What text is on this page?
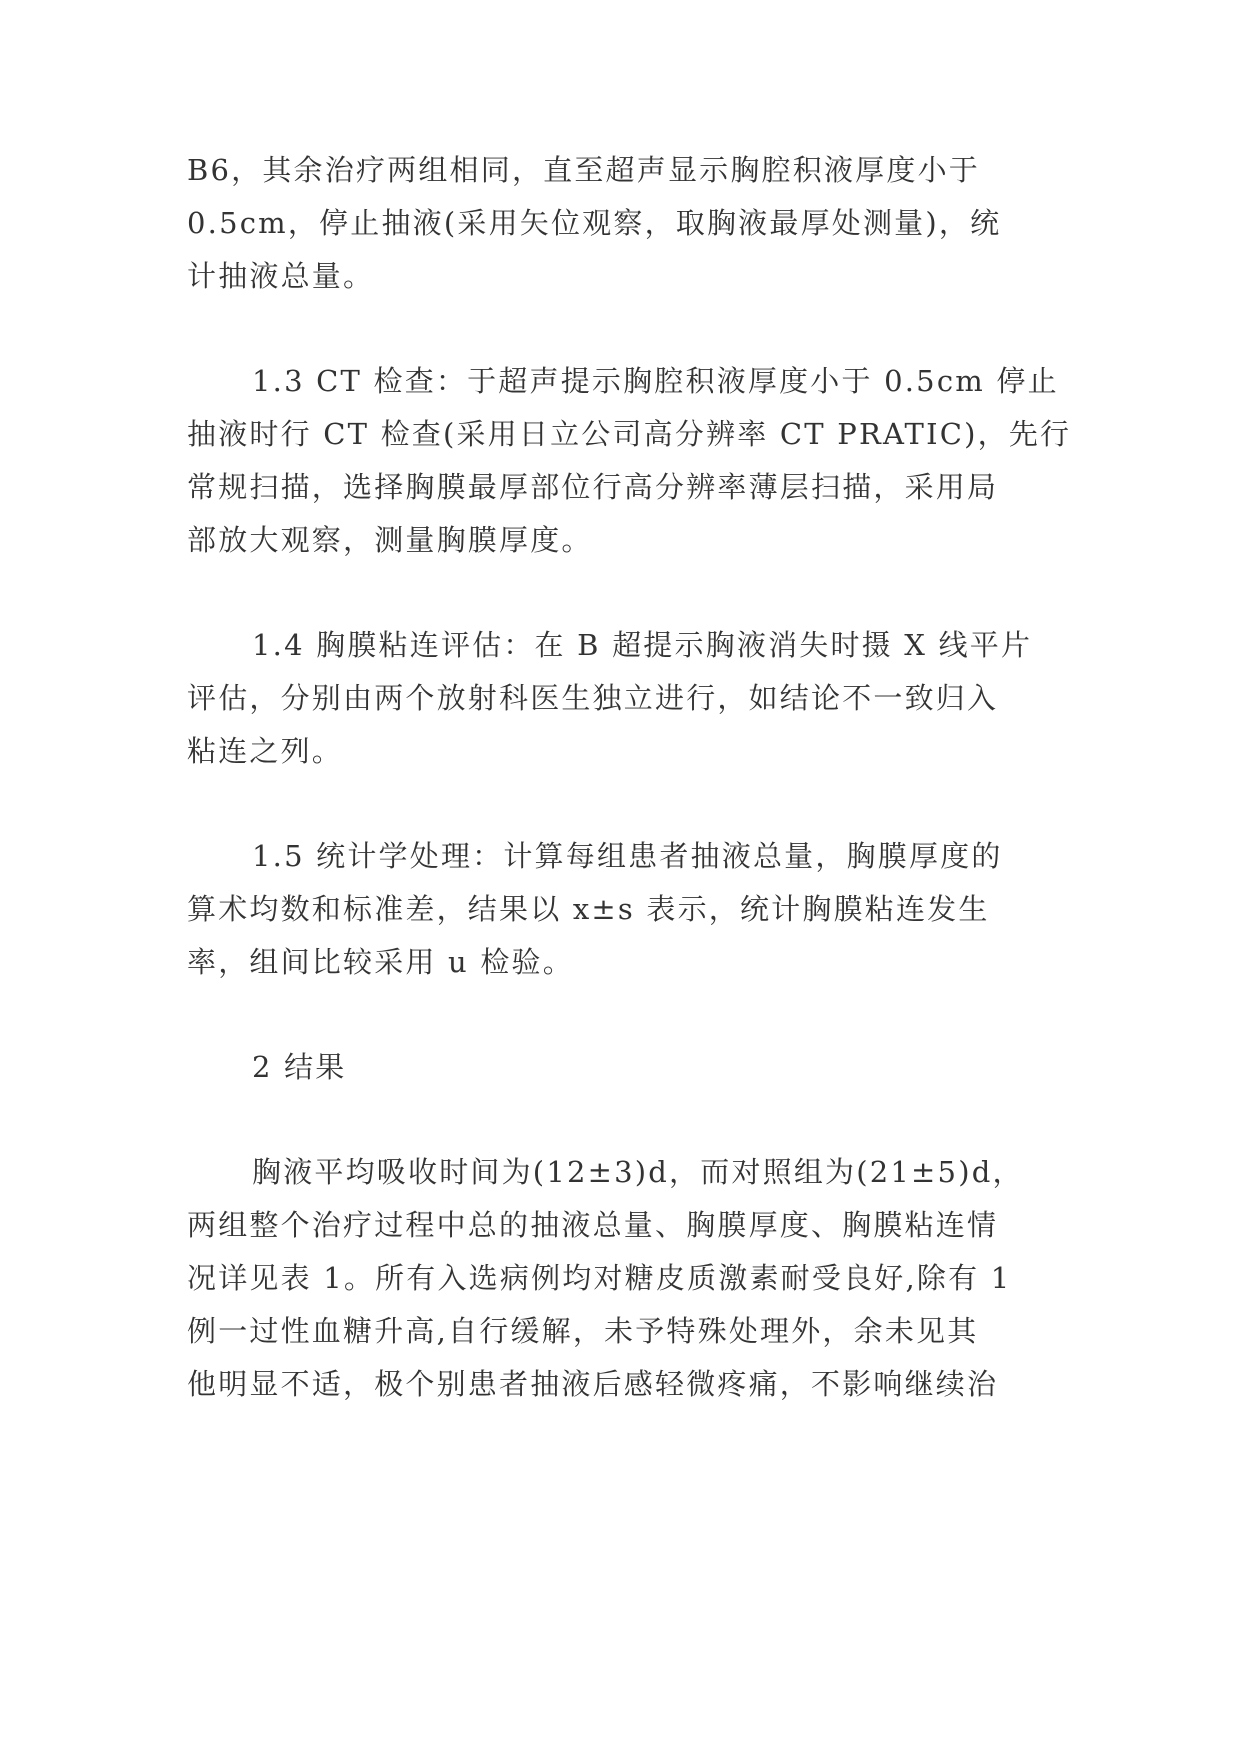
B6，其余治疗两组相同，直至超声显示胸腔积液厚度小于
0.5cm，停止抽液(采用矢位观察，取胸液最厚处测量)，统
计抽液总量。
1.3 CT 检查：于超声提示胸腔积液厚度小于 0.5cm 停止
抽液时行 CT 检查(采用日立公司高分辨率 CT PRATIC)，先行
常规扫描，选择胸膜最厚部位行高分辨率薄层扫描，采用局
部放大观察，测量胸膜厚度。
1.4 胸膜粘连评估：在 B 超提示胸液消失时摄 X 线平片
评估，分别由两个放射科医生独立进行，如结论不一致归入
粘连之列。
1.5 统计学处理：计算每组患者抽液总量，胸膜厚度的
算术均数和标准差，结果以 x±s 表示，统计胸膜粘连发生
率，组间比较采用 u 检验。
2 结果
胸液平均吸收时间为(12±3)d，而对照组为(21±5)d，
两组整个治疗过程中总的抽液总量、胸膜厚度、胸膜粘连情
况详见表 1。所有入选病例均对糖皮质激素耐受良好,除有 1
例一过性血糖升高,自行缓解，未予特殊处理外，余未见其
他明显不适，极个别患者抽液后感轻微疼痛，不影响继续治
